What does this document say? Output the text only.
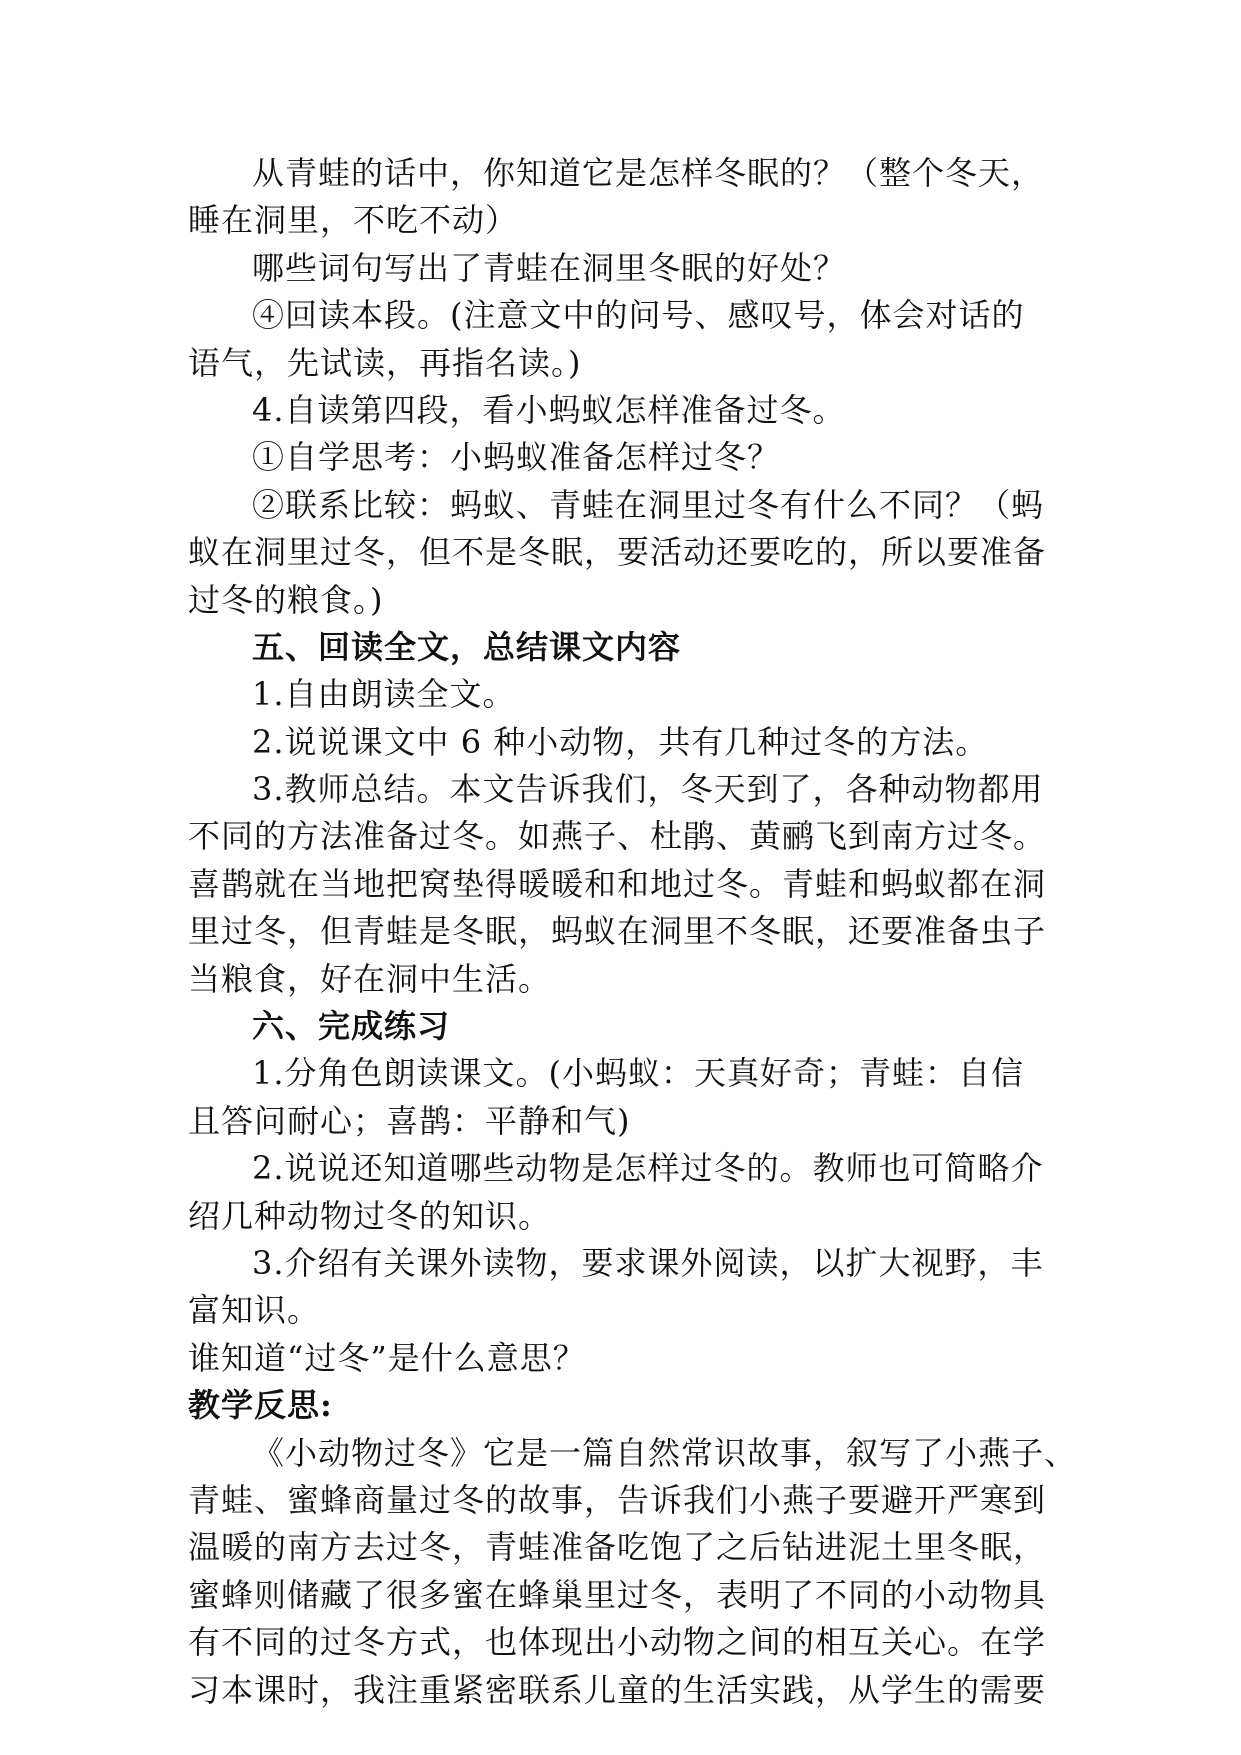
从青蛙的话中，你知道它是怎样冬眠的？（整个冬天，
睡在洞里，不吃不动）
哪些词句写出了青蛙在洞里冬眠的好处？
④回读本段。(注意文中的问号、感叹号，体会对话的
语气，先试读，再指名读。)
4.自读第四段，看小蚂蚁怎样准备过冬。
①自学思考：小蚂蚁准备怎样过冬？
②联系比较：蚂蚁、青蛙在洞里过冬有什么不同？（蚂
蚁在洞里过冬，但不是冬眠，要活动还要吃的，所以要准备
过冬的粮食。)
五、回读全文，总结课文内容
1.自由朗读全文。
2.说说课文中 6 种小动物，共有几种过冬的方法。
3.教师总结。本文告诉我们，冬天到了，各种动物都用
不同的方法准备过冬。如燕子、杜鹃、黄鹂飞到南方过冬。
喜鹊就在当地把窝垫得暖暖和和地过冬。青蛙和蚂蚁都在洞
里过冬，但青蛙是冬眠，蚂蚁在洞里不冬眠，还要准备虫子
当粮食，好在洞中生活。
六、完成练习
1.分角色朗读课文。(小蚂蚁：天真好奇；青蛙：自信
且答问耐心；喜鹊：平静和气)
2.说说还知道哪些动物是怎样过冬的。教师也可简略介
绍几种动物过冬的知识。
3.介绍有关课外读物，要求课外阅读，以扩大视野，丰
富知识。
谁知道“过冬”是什么意思？
教学反思:
《小动物过冬》它是一篇自然常识故事，叙写了小燕子、
青蛙、蜜蜂商量过冬的故事，告诉我们小燕子要避开严寒到
温暖的南方去过冬，青蛙准备吃饱了之后钻进泥土里冬眠，
蜜蜂则储藏了很多蜜在蜂巢里过冬，表明了不同的小动物具
有不同的过冬方式，也体现出小动物之间的相互关心。在学
习本课时，我注重紧密联系儿童的生活实践，从学生的需要
